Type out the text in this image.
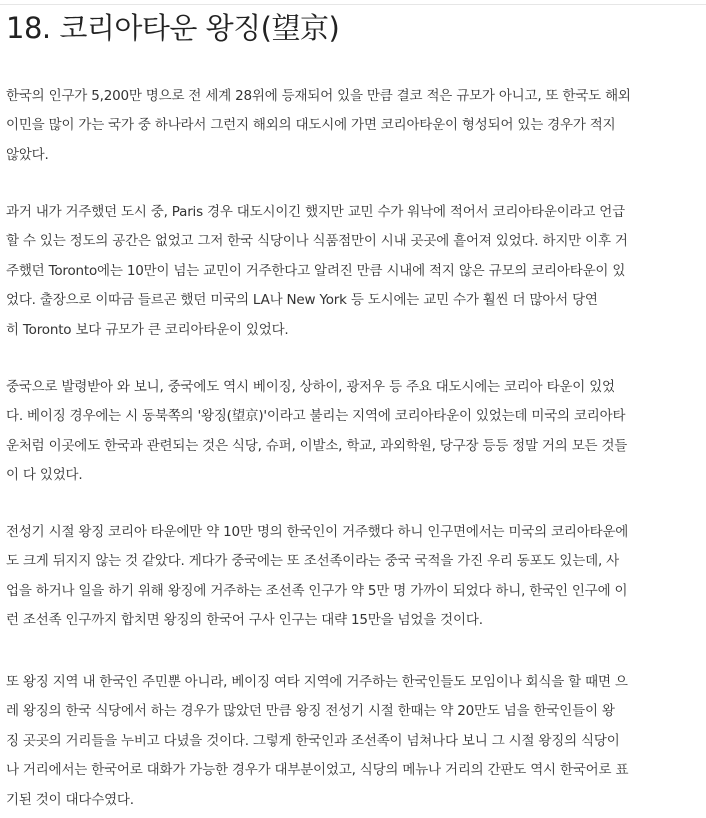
18. 코리아타운 왕징(望京)
한국의 인구가 5,200만 명으로 전 세계 28위에 등재되어 있을 만큼 결코 적은 규모가 아니고, 또 한국도 해외
이민을 많이 가는 국가 중 하나라서 그런지 해외의 대도시에 가면 코리아타운이 형성되어 있는 경우가 적지
않았다.
과거 내가 거주했던 도시 중, Paris 경우 대도시이긴 했지만 교민 수가 워낙에 적어서 코리아타운이라고 언급
할 수 있는 정도의 공간은 없었고 그저 한국 식당이나 식품점만이 시내 곳곳에 흩어져 있었다. 하지만 이후 거
주했던 Toronto에는 10만이 넘는 교민이 거주한다고 알려진 만큼 시내에 적지 않은 규모의 코리아타운이 있
었다. 출장으로 이따금 들르곤 했던 미국의 LA나 New York 등 도시에는 교민 수가 훨씬 더 많아서 당연
히 Toronto 보다 규모가 큰 코리아타운이 있었다.
중국으로 발령받아 와 보니, 중국에도 역시 베이징, 상하이, 광저우 등 주요 대도시에는 코리아 타운이 있었
다. 베이징 경우에는 시 동북쪽의 '왕징(望京)'이라고 불리는 지역에 코리아타운이 있었는데 미국의 코리아타
운처럼 이곳에도 한국과 관련되는 것은 식당, 슈퍼, 이발소, 학교, 과외학원, 당구장 등등 정말 거의 모든 것들
이 다 있었다.
전성기 시절 왕징 코리아 타운에만 약 10만 명의 한국인이 거주했다 하니 인구면에서는 미국의 코리아타운에
도 크게 뒤지지 않는 것 같았다. 게다가 중국에는 또 조선족이라는 중국 국적을 가진 우리 동포도 있는데, 사
업을 하거나 일을 하기 위해 왕징에 거주하는 조선족 인구가 약 5만 명 가까이 되었다 하니, 한국인 인구에 이
런 조선족 인구까지 합치면 왕징의 한국어 구사 인구는 대략 15만을 넘었을 것이다.
또 왕징 지역 내 한국인 주민뿐 아니라, 베이징 여타 지역에 거주하는 한국인들도 모임이나 회식을 할 때면 으
레 왕징의 한국 식당에서 하는 경우가 많았던 만큼 왕징 전성기 시절 한때는 약 20만도 넘을 한국인들이 왕
징 곳곳의 거리들을 누비고 다녔을 것이다. 그렇게 한국인과 조선족이 넘쳐나다 보니 그 시절 왕징의 식당이
나 거리에서는 한국어로 대화가 가능한 경우가 대부분이었고, 식당의 메뉴나 거리의 간판도 역시 한국어로 표
기된 것이 대다수였다.
